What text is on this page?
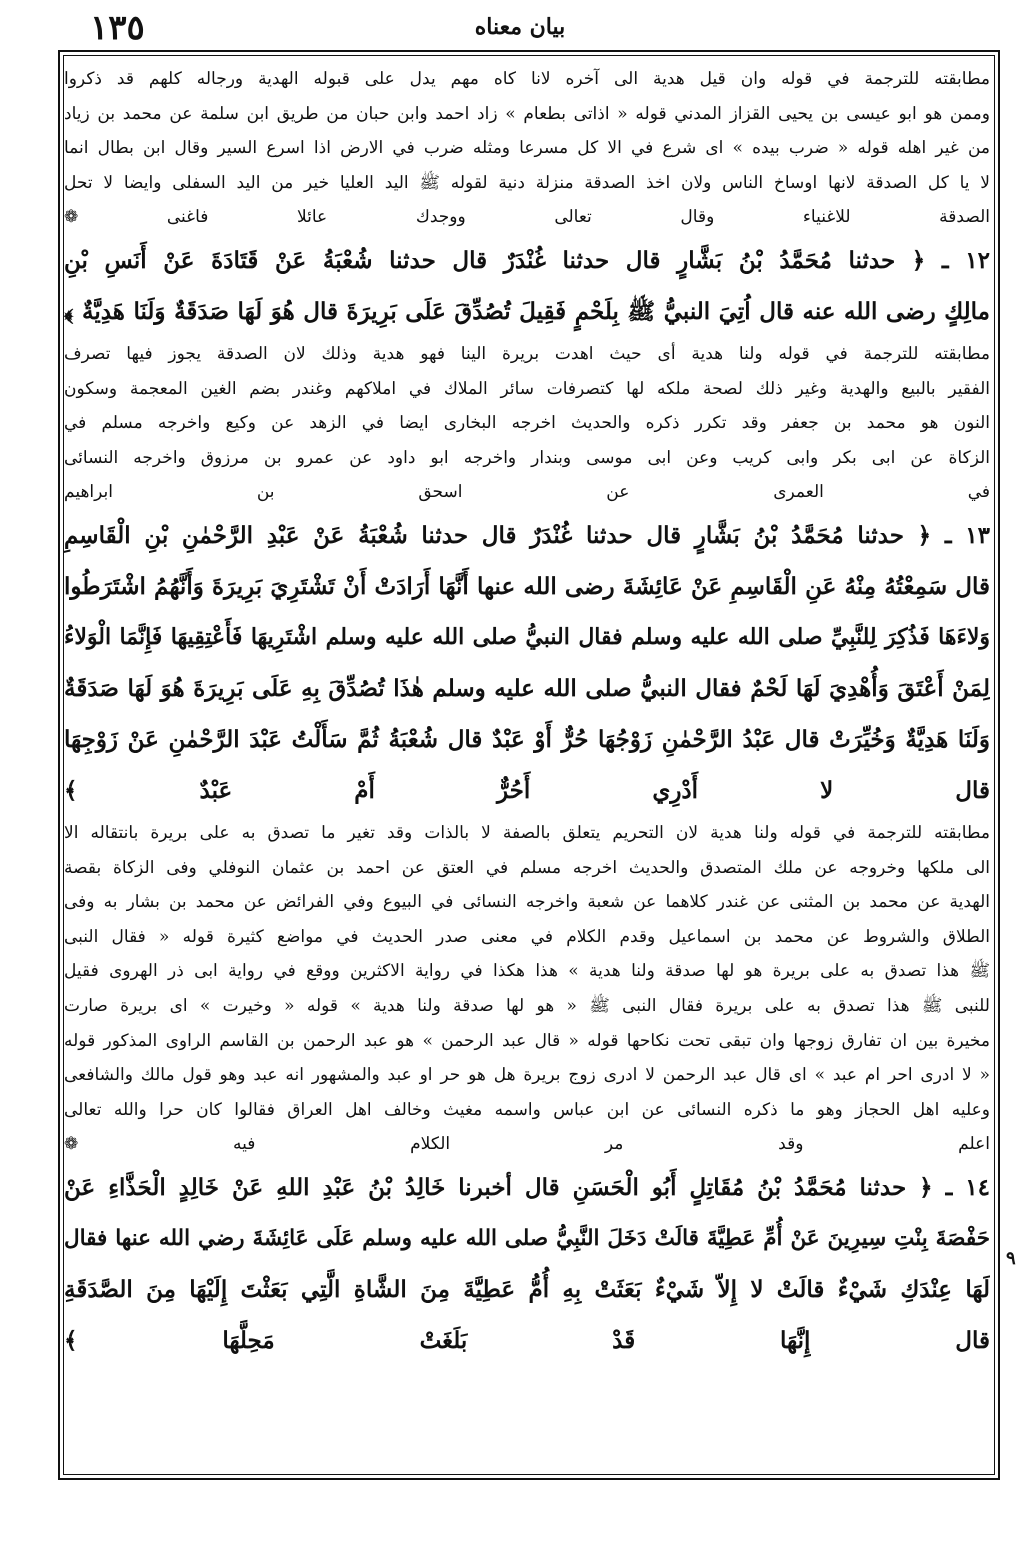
١٣٥	بيان معناه
مطابقته للترجمة في قوله وان قيل هدية الى آخره لانا كاه مهم يدل على قبوله الهدية ورجاله كلهم قد ذكروا
وممن هو ابو عيسى بن يحيى القزاز المدني قوله « اذاتى بطعام » زاد احمد وابن حبان من طريق ابن سلمة عن محمد بن زياد
من غير اهله قوله « ضرب بيده » اى شرع في الا كل مسرعا ومثله ضرب في الارض اذا اسرع السير وقال ابن بطال انما
لا يا كل الصدقة لانها اوساخ الناس ولان اخذ الصدقة منزلة دنية لقوله ﷺ اليد العليا خير من اليد السفلى وايضا لا تحل
الصدقة للاغنياء وقال تعالى ووجدك عائلا فاغنى ❁
١٢ ـ ﴿ حدثنا مُحَمَّدُ بْنُ بَشَّارٍ قال حدثنا غُنْدَرٌ قال حدثنا شُعْبَةُ عَنْ قَتَادَةَ عَنْ أَنَسِ بْنِ
مالِكٍ رضى الله عنه قال اُتِيَ النبيُّ ﷺ بِلَحْمٍ فَقِيلَ تُصُدِّقَ عَلَى بَرِيرَةَ قال هُوَ لَهَا صَدَقَةٌ وَلَنَا هَدِيَّةٌ ﴾
مطابقته للترجمة في قوله ولنا هدية أى حيث اهدت بريرة الينا فهو هدية وذلك لان الصدقة يجوز فيها تصرف
الفقير بالبيع والهدية وغير ذلك لصحة ملكه لها كتصرفات سائر الملاك في املاكهم وغندر بضم الغين المعجمة وسكون
النون هو محمد بن جعفر وقد تكرر ذكره والحديث اخرجه البخارى ايضا في الزهد عن وكيع واخرجه مسلم في
الزكاة عن ابى بكر وابى كريب وعن ابى موسى وبندار واخرجه ابو داود عن عمرو بن مرزوق واخرجه النسائى
في العمرى عن اسحق بن ابراهيم
١٣ ـ ﴿ حدثنا مُحَمَّدُ بْنُ بَشَّارٍ قال حدثنا غُنْدَرٌ قال حدثنا شُعْبَةُ عَنْ عَبْدِ الرَّحْمٰنِ بْنِ الْقَاسِمِ
قال سَمِعْتُهُ مِنْهُ عَنِ الْقَاسِمِ عَنْ عَائِشَةَ رضى الله عنها أَنَّهَا أَرَادَتْ أَنْ تَشْتَرِيَ بَرِيرَةَ وَأَنَّهُمُ اشْتَرَطُوا
وَلاءَهَا فَذُكِرَ لِلنَّبِيِّ صلى الله عليه وسلم فقال النبيُّ صلى الله عليه وسلم اشْتَرِيهَا فَأَعْتِقِيهَا فَإِنَّمَا الْوَلاءُ
لِمَنْ أَعْتَقَ وَأُهْدِيَ لَهَا لَحْمٌ فقال النبيُّ صلى الله عليه وسلم هٰذَا تُصُدِّقَ بِهِ عَلَى بَرِيرَةَ هُوَ لَهَا صَدَقَةٌ
وَلَنَا هَدِيَّةٌ وَخُيِّرَتْ قال عَبْدُ الرَّحْمٰنِ زَوْجُهَا حُرٌّ أَوْ عَبْدٌ قال شُعْبَةُ ثُمَّ سَأَلْتُ عَبْدَ الرَّحْمٰنِ عَنْ زَوْجِهَا
قال لا أَدْرِي أَحُرٌّ أَمْ عَبْدٌ ﴾
مطابقته للترجمة في قوله ولنا هدية لان التحريم يتعلق بالصفة لا بالذات وقد تغير ما تصدق به على بريرة بانتقاله الا
الى ملكها وخروجه عن ملك المتصدق والحديث اخرجه مسلم في العتق عن احمد بن عثمان النوفلي وفى الزكاة بقصة
الهدية عن محمد بن المثنى عن غندر كلاهما عن شعبة واخرجه النسائى في البيوع وفي الفرائض عن محمد بن بشار به وفى
الطلاق والشروط عن محمد بن اسماعيل وقدم الكلام في معنى صدر الحديث في مواضع كثيرة قوله « فقال النبى
ﷺ هذا تصدق به على بريرة هو لها صدقة ولنا هدية » هذا هكذا في رواية الاكثرين ووقع في رواية ابى ذر الهروى فقيل
للنبى ﷺ هذا تصدق به على بريرة فقال النبى ﷺ « هو لها صدقة ولنا هدية » قوله « وخيرت » اى بريرة صارت
مخيرة بين ان تفارق زوجها وان تبقى تحت نكاحها قوله « قال عبد الرحمن » هو عبد الرحمن بن القاسم الراوى المذكور قوله
« لا ادرى احر ام عبد » اى قال عبد الرحمن لا ادرى زوج بريرة هل هو حر او عبد والمشهور انه عبد وهو قول مالك والشافعى
وعليه اهل الحجاز وهو ما ذكره النسائى عن ابن عباس واسمه مغيث وخالف اهل العراق فقالوا كان حرا والله تعالى
اعلم وقد مر الكلام فيه ❁
١٤ ـ ﴿ حدثنا مُحَمَّدُ بْنُ مُقَاتِلٍ أَبُو الْحَسَنِ قال أخبرنا خَالِدُ بْنُ عَبْدِ اللهِ عَنْ خَالِدٍ الْحَذَّاءِ عَنْ
حَفْصَةَ بِنْتِ سِيرِينَ عَنْ أُمِّ عَطِيَّةَ قالَتْ دَخَلَ النَّبِيُّ صلى الله عليه وسلم عَلَى عَائِشَةَ رضي الله عنها فقال
لَهَا عِنْدَكِ شَيْءٌ قالَتْ لا إِلاّ شَيْءٌ بَعَثَتْ بِهِ أُمُّ عَطِيَّةَ مِنَ الشَّاةِ الَّتِي بَعَثْتَ إِلَيْهَا مِنَ الصَّدَقَةِ
قال إِنَّهَا قَدْ بَلَغَتْ مَحِلَّهَا ﴾
٩
